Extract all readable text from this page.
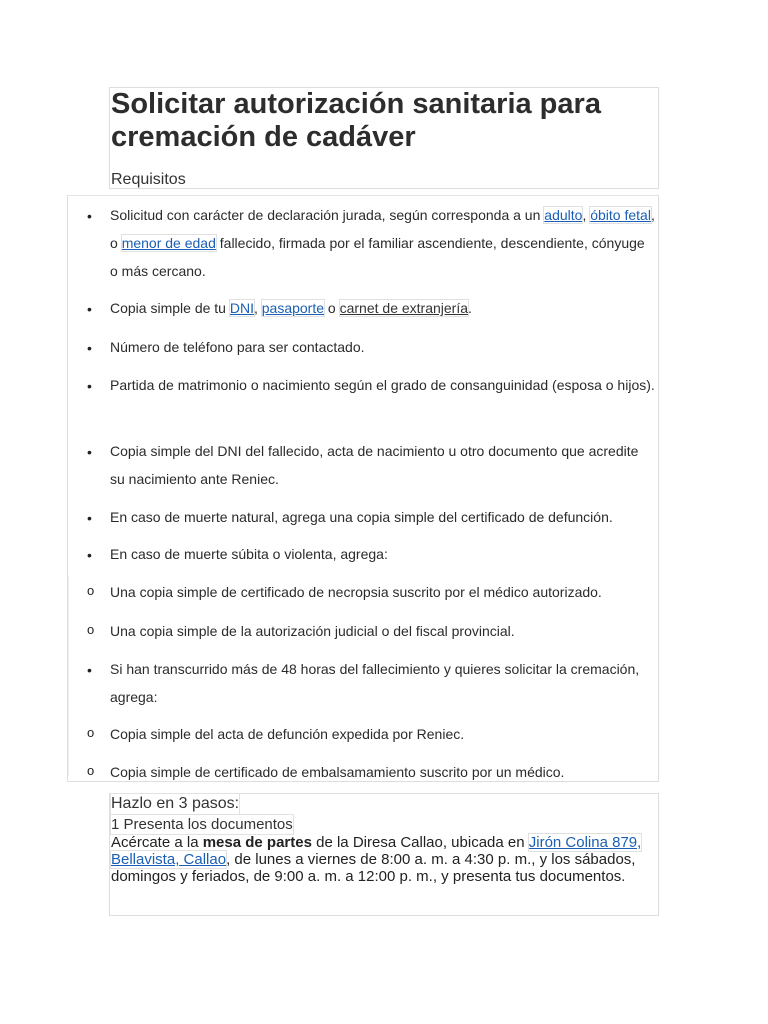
Solicitar autorización sanitaria para cremación de cadáver
Requisitos
• Solicitud con carácter de declaración jurada, según corresponda a un adulto, óbito fetal, o menor de edad fallecido, firmada por el familiar ascendiente, descendiente, cónyuge o más cercano.
• Copia simple de tu DNI, pasaporte o carnet de extranjería.
• Número de teléfono para ser contactado.
• Partida de matrimonio o nacimiento según el grado de consanguinidad (esposa o hijos).
• Copia simple del DNI del fallecido, acta de nacimiento u otro documento que acredite su nacimiento ante Reniec.
• En caso de muerte natural, agrega una copia simple del certificado de defunción.
• En caso de muerte súbita o violenta, agrega:
o Una copia simple de certificado de necropsia suscrito por el médico autorizado.
o Una copia simple de la autorización judicial o del fiscal provincial.
• Si han transcurrido más de 48 horas del fallecimiento y quieres solicitar la cremación, agrega:
o Copia simple del acta de defunción expedida por Reniec.
o Copia simple de certificado de embalsamamiento suscrito por un médico.
Hazlo en 3 pasos:
1 Presenta los documentos
Acércate a la mesa de partes de la Diresa Callao, ubicada en Jirón Colina 879, Bellavista, Callao, de lunes a viernes de 8:00 a. m. a 4:30 p. m., y los sábados, domingos y feriados, de 9:00 a. m. a 12:00 p. m., y presenta tus documentos.
